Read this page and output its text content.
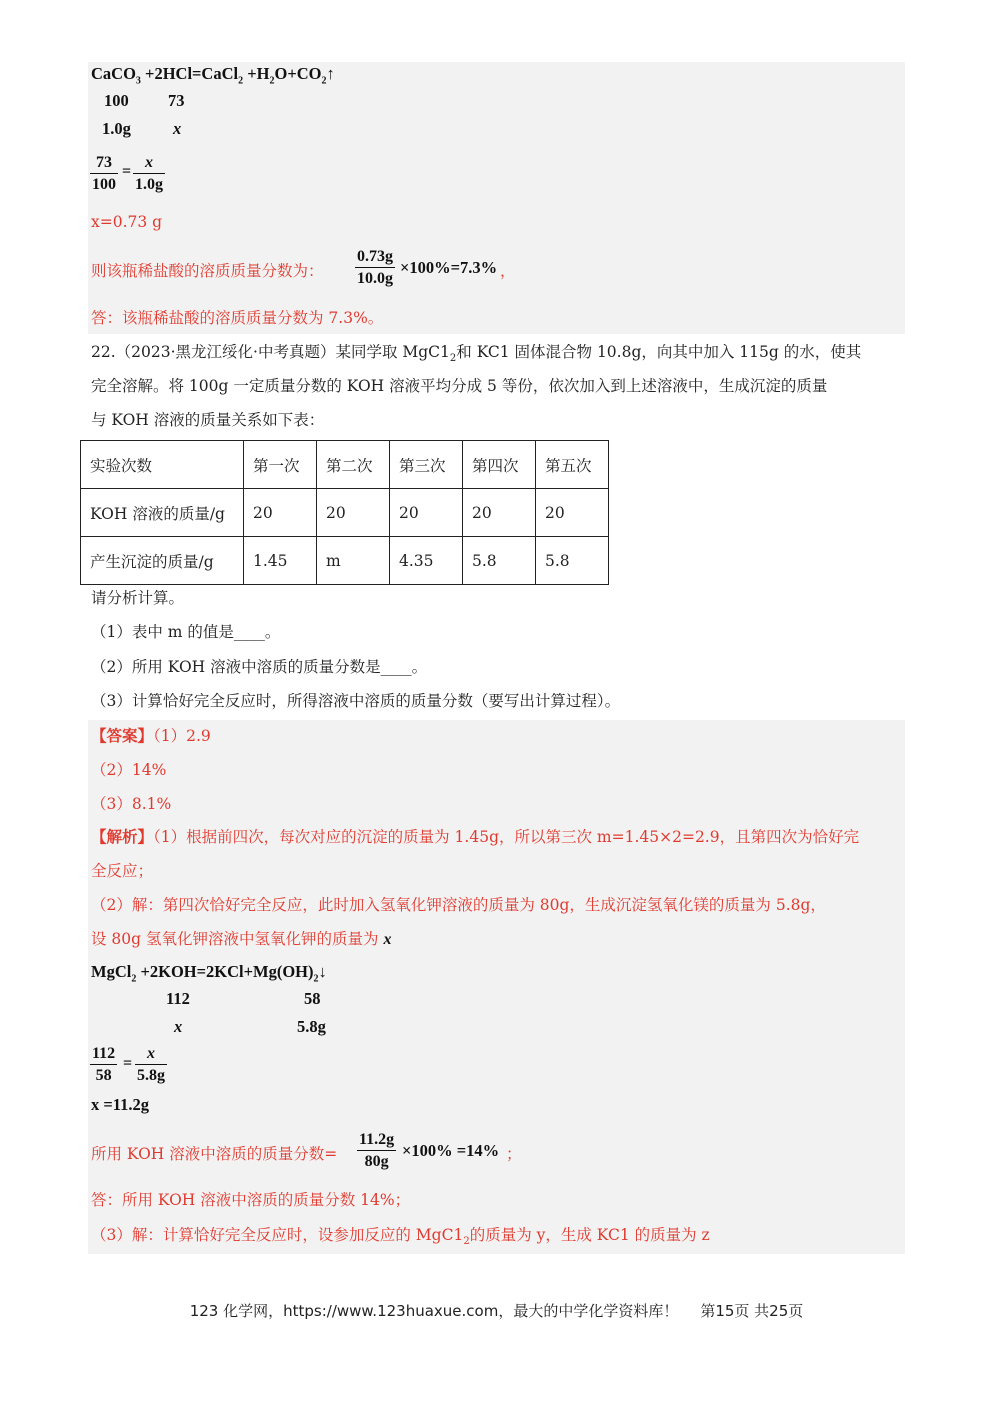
CaCO$_3$ +2HCl=CaCl$_2$ $+H_2O+CO_2↑$
100 73
1.0g	x
$\frac{73}{100} = \frac{x}{1.0g}$
x=0.73 g
则该瓶稀盐酸的溶质质量分数为： $\frac{0.73g}{10.0g} \times 100\%=7.3\%$ ，
答：该瓶稀盐酸的溶质质量分数为 7.3%。
22.（2023·黑龙江绥化·中考真题）某同学取 $MgC1_2$和 KC1 固体混合物 10.8g，向其中加入 115g 的水，使其
完全溶解。将 100g 一定质量分数的 KOH 溶液平均分成 5 等份，依次加入到上述溶液中，生成沉淀的质量
与 KOH 溶液的质量关系如下表：
实验次数	第一次	第二次	第三次	第四次	第五次
KOH 溶液的质量/g	20	20	20	20	20
产生沉淀的质量/g	1.45	m	4.35	5.8	5.8
请分析计算。
（1）表中 m 的值是____。
（2）所用 KOH 溶液中溶质的质量分数是____。
（3）计算恰好完全反应时，所得溶液中溶质的质量分数（要写出计算过程）。
【答案】（1）2.9
（2）14%
（3）8.1%
【解析】（1）根据前四次，每次对应的沉淀的质量为 1.45g，所以第三次 m=1.45×2=2.9，且第四次为恰好完
全反应；
（2）解：第四次恰好完全反应，此时加入氢氧化钾溶液的质量为 80g，生成沉淀氢氧化镁的质量为 5.8g，
设 80g 氢氧化钾溶液中氢氧化钾的质量为 x
MgCl$_2$ $+2KOH=2KCl+Mg(OH)_2↓$
112	58
x	5.8g
$\frac{112}{58} = \frac{x}{5.8g}$
x =11.2g
所用 KOH 溶液中溶质的质量分数= $\frac{11.2g}{80g} \times 100\% =14\%$ ；
答：所用 KOH 溶液中溶质的质量分数 14%；
（3）解：计算恰好完全反应时，设参加反应的 $MgC1_2$的质量为 y，生成 KC1 的质量为 z
123 化学网，https://www.123huaxue.com，最大的中学化学资料库！ 第15页 共25页
